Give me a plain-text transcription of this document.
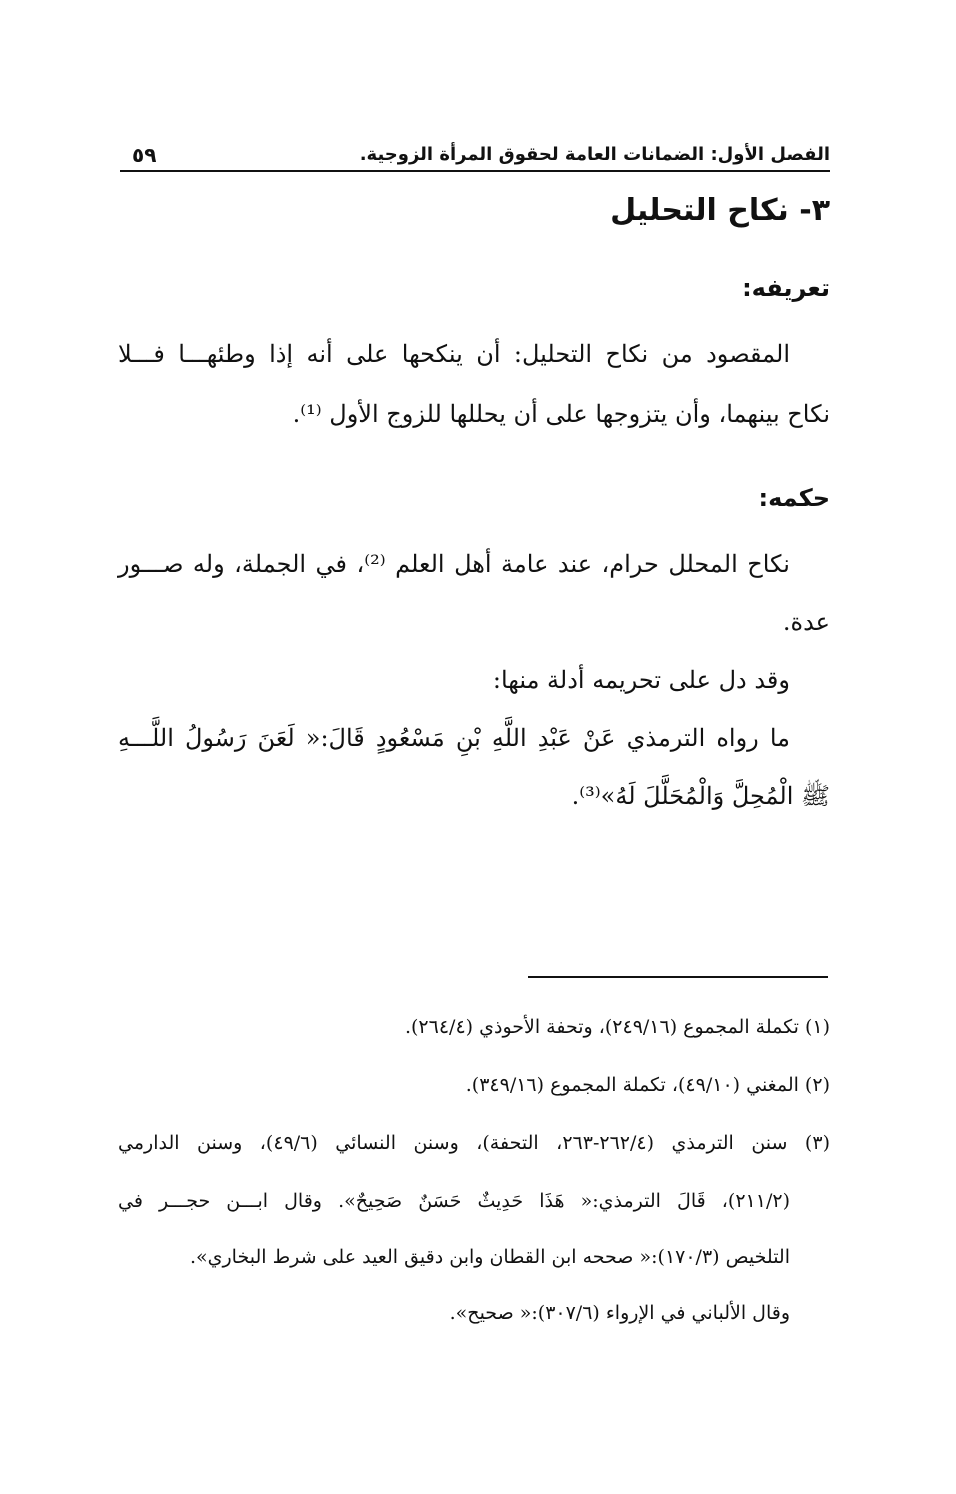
الفصل الأول: الضمانات العامة لحقوق المرأة الزوجية.
٥٩
٣- نكاح التحليل
تعريفه:
المقصود من نكاح التحليل: أن ينكحها على أنه إذا وطئهـــا فـــلا
نكاح بينهما، وأن يتزوجها على أن يحللها للزوج الأول ⁽¹⁾.
حكمه:
نكاح المحلل حرام، عند عامة أهل العلم ⁽²⁾، في الجملة، وله صـــور
عدة.
وقد دل على تحريمه أدلة منها:
ما رواه الترمذي عَنْ عَبْدِ اللَّهِ بْنِ مَسْعُودٍ قَالَ:« لَعَنَ رَسُولُ اللَّـــهِ
ﷺ الْمُحِلَّ وَالْمُحَلَّلَ لَهُ»⁽³⁾.
(١) تكملة المجموع (٢٤٩/١٦)، وتحفة الأحوذي (٢٦٤/٤).
(٢) المغني (٤٩/١٠)، تكملة المجموع (٣٤٩/١٦).
(٣) سنن الترمذي (٢٦٢/٤-٢٦٣، التحفة)، وسنن النسائي (٤٩/٦)، وسنن الدارمي
(٢١١/٢)، قَالَ الترمذي:« هَذَا حَدِيثٌ حَسَنٌ صَحِيحٌ». وقال ابـــن حجـــر في
التلخيص (١٧٠/٣):« صححه ابن القطان وابن دقيق العيد على شرط البخاري».
وقال الألباني في الإرواء (٣٠٧/٦):« صحيح».
